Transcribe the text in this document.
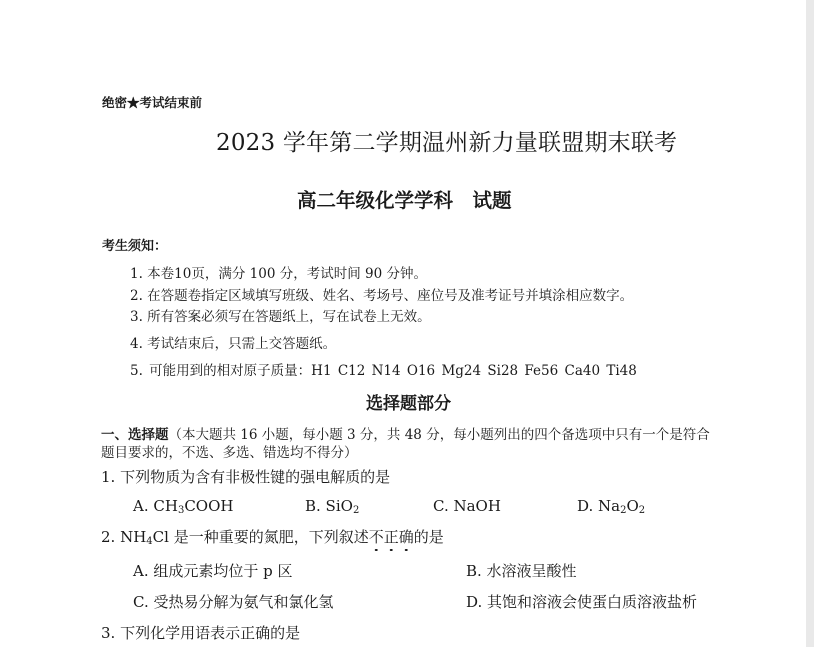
绝密★考试结束前
2023 学年第二学期温州新力量联盟期末联考
高二年级化学学科　试题
考生须知：
1. 本卷10页，满分 100 分，考试时间 90 分钟。
2. 在答题卷指定区域填写班级、姓名、考场号、座位号及准考证号并填涂相应数字。
3. 所有答案必须写在答题纸上，写在试卷上无效。
4. 考试结束后，只需上交答题纸。
5. 可能用到的相对原子质量：H1 C12 N14 O16 Mg24 Si28 Fe56 Ca40 Ti48
选择题部分
一、选择题（本大题共 16 小题，每小题 3 分，共 48 分，每小题列出的四个备选项中只有一个是符合
题目要求的，不选、多选、错选均不得分）
1. 下列物质为含有非极性键的强电解质的是
A. $CH_3COOH$	B. SiO$_2$	C. NaOH	D. $Na_2O_2$
2. $NH_4Cl$ 是一种重要的氮肥，下列叙述不正确的是
A. 组成元素均位于 p 区	B. 水溶液呈酸性
C. 受热易分解为氨气和氯化氢	D. 其饱和溶液会使蛋白质溶液盐析
3. 下列化学用语表示正确的是
